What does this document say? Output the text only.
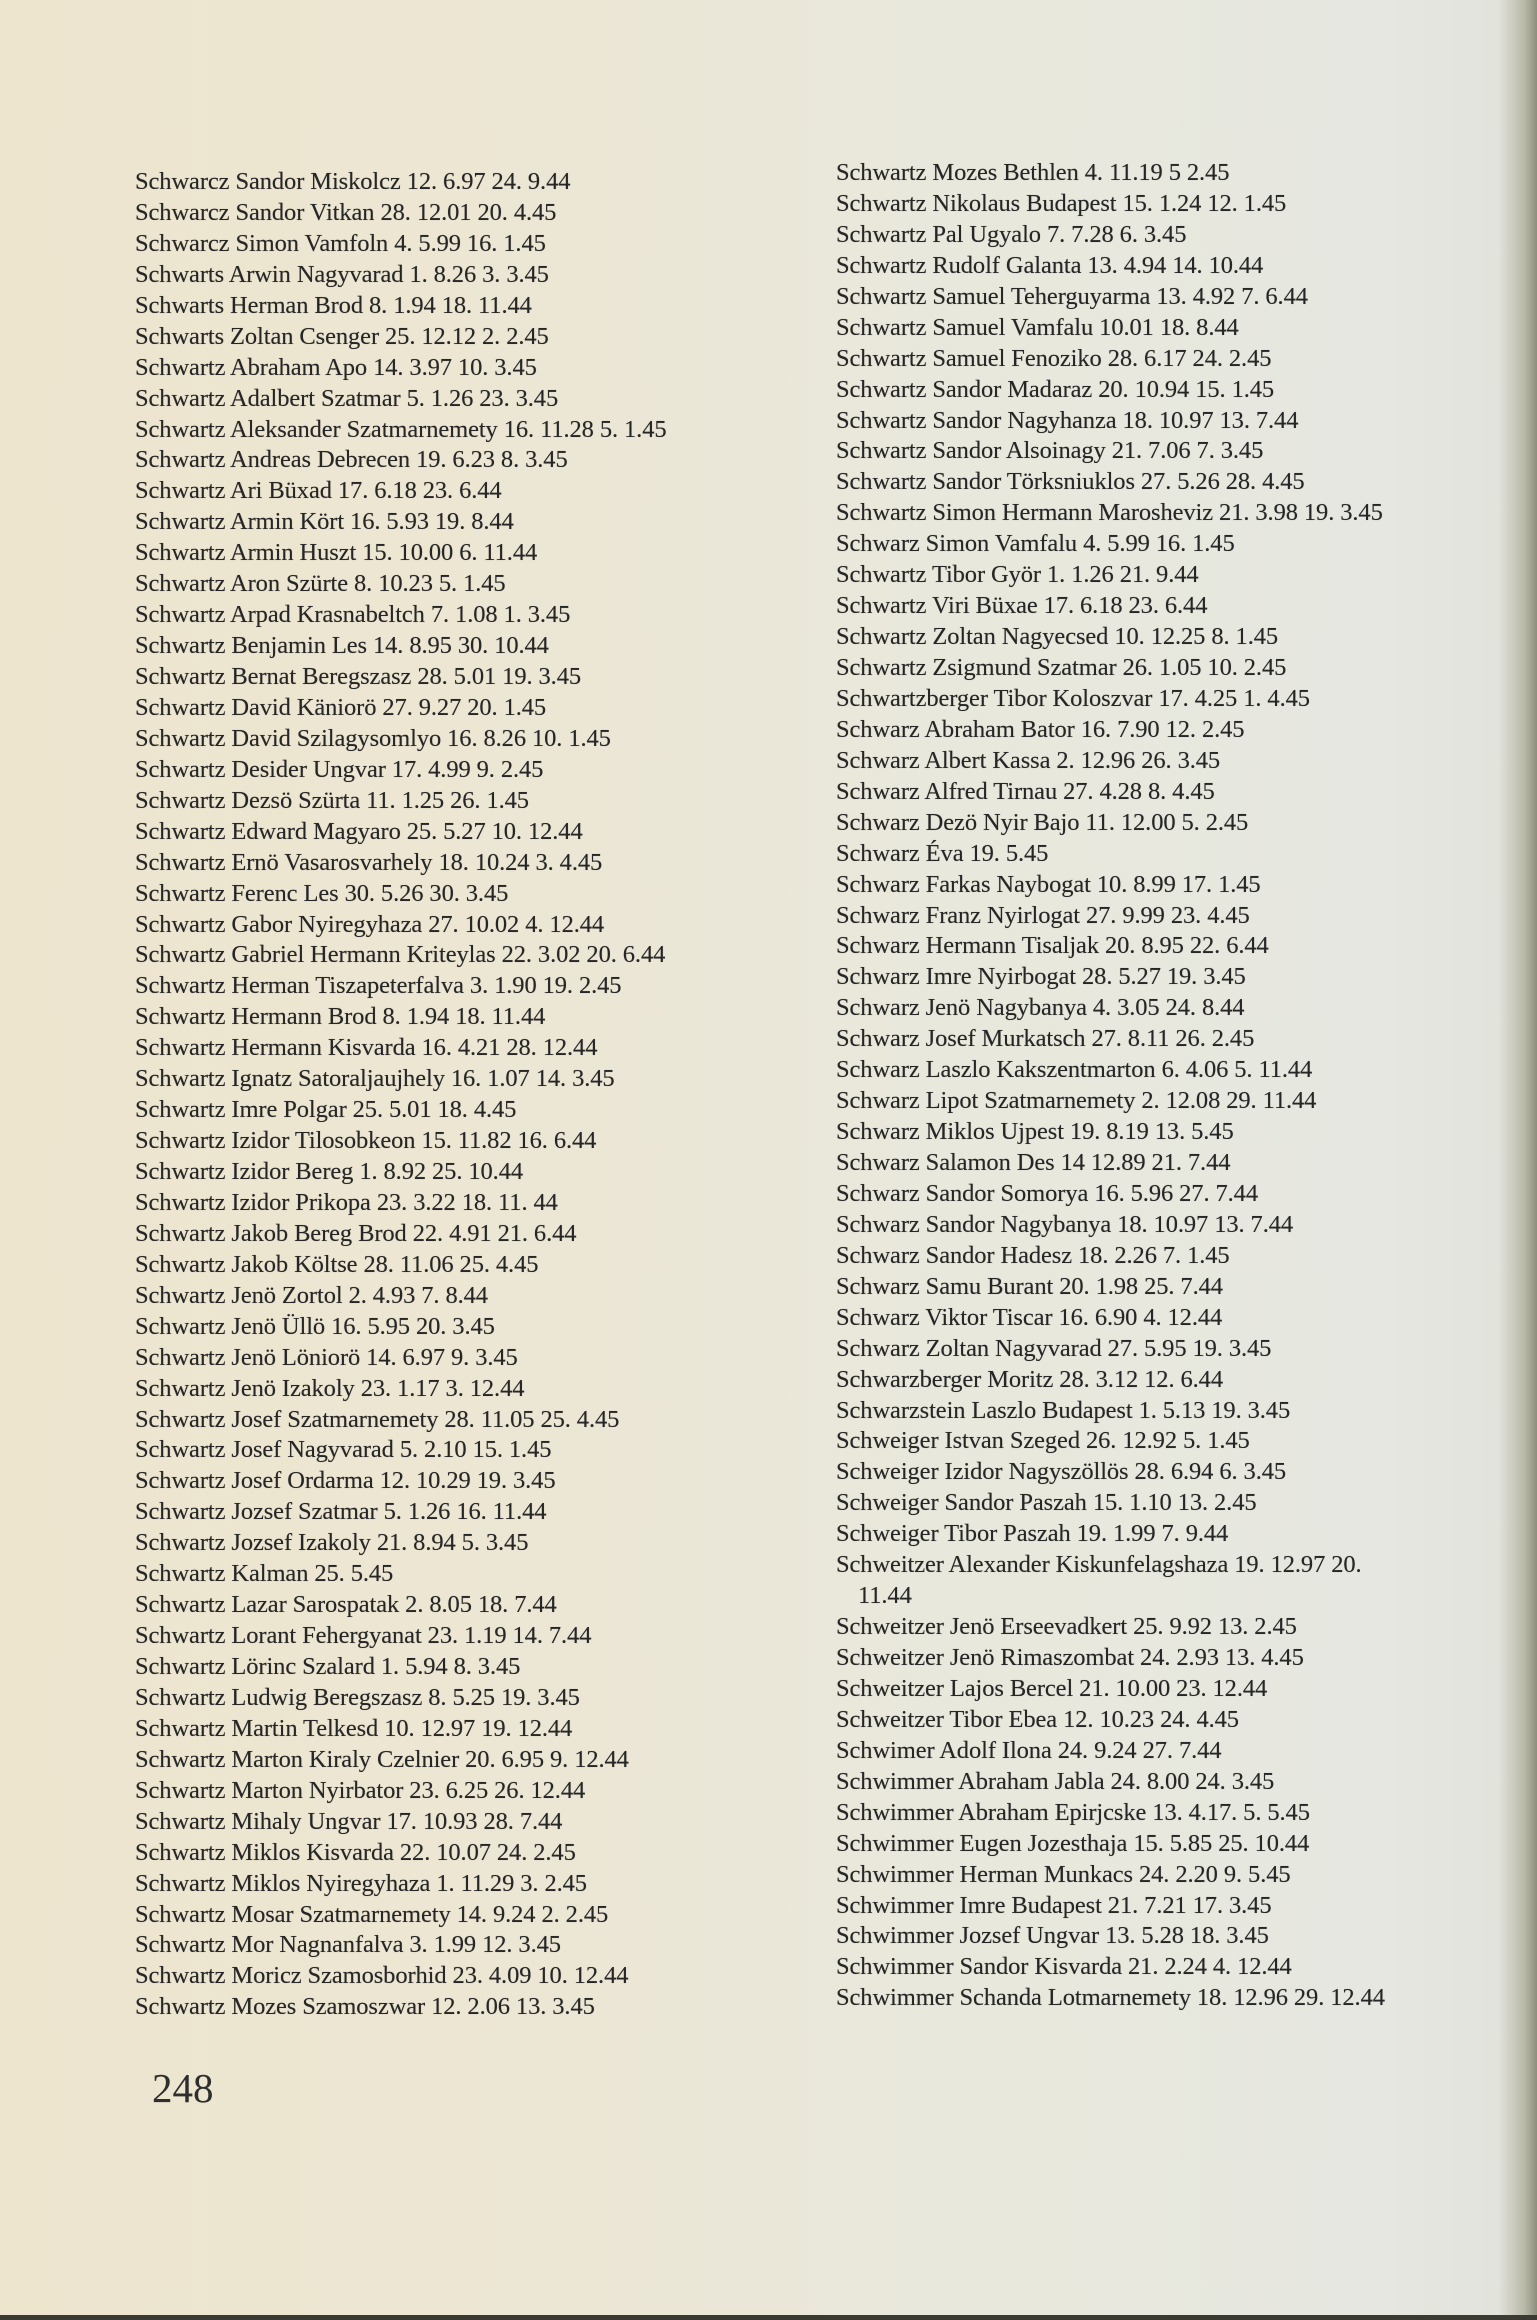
Schwarcz Sandor Miskolcz 12. 6.97 24. 9.44
Schwarcz Sandor Vitkan 28. 12.01 20. 4.45
Schwarcz Simon Vamfoln 4. 5.99 16. 1.45
Schwarts Arwin Nagyvarad 1. 8.26 3. 3.45
Schwarts Herman Brod 8. 1.94 18. 11.44
Schwarts Zoltan Csenger 25. 12.12 2. 2.45
Schwartz Abraham Apo 14. 3.97 10. 3.45
Schwartz Adalbert Szatmar 5. 1.26 23. 3.45
Schwartz Aleksander Szatmarnemety 16. 11.28 5. 1.45
Schwartz Andreas Debrecen 19. 6.23 8. 3.45
Schwartz Ari Büxad 17. 6.18 23. 6.44
Schwartz Armin Kört 16. 5.93 19. 8.44
Schwartz Armin Huszt 15. 10.00 6. 11.44
Schwartz Aron Szürte 8. 10.23 5. 1.45
Schwartz Arpad Krasnabeltch 7. 1.08 1. 3.45
Schwartz Benjamin Les 14. 8.95 30. 10.44
Schwartz Bernat Beregszasz 28. 5.01 19. 3.45
Schwartz David Käniorö 27. 9.27 20. 1.45
Schwartz David Szilagysomlyo 16. 8.26 10. 1.45
Schwartz Desider Ungvar 17. 4.99 9. 2.45
Schwartz Dezsö Szürta 11. 1.25 26. 1.45
Schwartz Edward Magyaro 25. 5.27 10. 12.44
Schwartz Ernö Vasarosvarhely 18. 10.24 3. 4.45
Schwartz Ferenc Les 30. 5.26 30. 3.45
Schwartz Gabor Nyiregyhaza 27. 10.02 4. 12.44
Schwartz Gabriel Hermann Kriteylas 22. 3.02 20. 6.44
Schwartz Herman Tiszapeterfalva 3. 1.90 19. 2.45
Schwartz Hermann Brod 8. 1.94 18. 11.44
Schwartz Hermann Kisvarda 16. 4.21 28. 12.44
Schwartz Ignatz Satoraljaujhely 16. 1.07 14. 3.45
Schwartz Imre Polgar 25. 5.01 18. 4.45
Schwartz Izidor Tilosobkeon 15. 11.82 16. 6.44
Schwartz Izidor Bereg 1. 8.92 25. 10.44
Schwartz Izidor Prikopa 23. 3.22 18. 11. 44
Schwartz Jakob Bereg Brod 22. 4.91 21. 6.44
Schwartz Jakob Költse 28. 11.06 25. 4.45
Schwartz Jenö Zortol 2. 4.93 7. 8.44
Schwartz Jenö Üllö 16. 5.95 20. 3.45
Schwartz Jenö Löniorö 14. 6.97 9. 3.45
Schwartz Jenö Izakoly 23. 1.17 3. 12.44
Schwartz Josef Szatmarnemety 28. 11.05 25. 4.45
Schwartz Josef Nagyvarad 5. 2.10 15. 1.45
Schwartz Josef Ordarma 12. 10.29 19. 3.45
Schwartz Jozsef Szatmar 5. 1.26 16. 11.44
Schwartz Jozsef Izakoly 21. 8.94 5. 3.45
Schwartz Kalman 25. 5.45
Schwartz Lazar Sarospatak 2. 8.05 18. 7.44
Schwartz Lorant Fehergyanat 23. 1.19 14. 7.44
Schwartz Lörinc Szalard 1. 5.94 8. 3.45
Schwartz Ludwig Beregszasz 8. 5.25 19. 3.45
Schwartz Martin Telkesd 10. 12.97 19. 12.44
Schwartz Marton Kiraly Czelnier 20. 6.95 9. 12.44
Schwartz Marton Nyirbator 23. 6.25 26. 12.44
Schwartz Mihaly Ungvar 17. 10.93 28. 7.44
Schwartz Miklos Kisvarda 22. 10.07 24. 2.45
Schwartz Miklos Nyiregyhaza 1. 11.29 3. 2.45
Schwartz Mosar Szatmarnemety 14. 9.24 2. 2.45
Schwartz Mor Nagnanfalva 3. 1.99 12. 3.45
Schwartz Moricz Szamosborhid 23. 4.09 10. 12.44
Schwartz Mozes Szamoszwar 12. 2.06 13. 3.45
Schwartz Mozes Bethlen 4. 11.19 5 2.45
Schwartz Nikolaus Budapest 15. 1.24 12. 1.45
Schwartz Pal Ugyalo 7. 7.28 6. 3.45
Schwartz Rudolf Galanta 13. 4.94 14. 10.44
Schwartz Samuel Teherguyarma 13. 4.92 7. 6.44
Schwartz Samuel Vamfalu 10.01 18. 8.44
Schwartz Samuel Fenoziko 28. 6.17 24. 2.45
Schwartz Sandor Madaraz 20. 10.94 15. 1.45
Schwartz Sandor Nagyhanza 18. 10.97 13. 7.44
Schwartz Sandor Alsoinagy 21. 7.06 7. 3.45
Schwartz Sandor Törksniuklos 27. 5.26 28. 4.45
Schwartz Simon Hermann Marosheviz 21. 3.98 19. 3.45
Schwarz Simon Vamfalu 4. 5.99 16. 1.45
Schwartz Tibor Györ 1. 1.26 21. 9.44
Schwartz Viri Büxae 17. 6.18 23. 6.44
Schwartz Zoltan Nagyecsed 10. 12.25 8. 1.45
Schwartz Zsigmund Szatmar 26. 1.05 10. 2.45
Schwartzberger Tibor Koloszvar 17. 4.25 1. 4.45
Schwarz Abraham Bator 16. 7.90 12. 2.45
Schwarz Albert Kassa 2. 12.96 26. 3.45
Schwarz Alfred Tirnau 27. 4.28 8. 4.45
Schwarz Dezö Nyir Bajo 11. 12.00 5. 2.45
Schwarz Éva 19. 5.45
Schwarz Farkas Naybogat 10. 8.99 17. 1.45
Schwarz Franz Nyirlogat 27. 9.99 23. 4.45
Schwarz Hermann Tisaljak 20. 8.95 22. 6.44
Schwarz Imre Nyirbogat 28. 5.27 19. 3.45
Schwarz Jenö Nagybanya 4. 3.05 24. 8.44
Schwarz Josef Murkatsch 27. 8.11 26. 2.45
Schwarz Laszlo Kakszentmarton 6. 4.06 5. 11.44
Schwarz Lipot Szatmarnemety 2. 12.08 29. 11.44
Schwarz Miklos Ujpest 19. 8.19 13. 5.45
Schwarz Salamon Des 14 12.89 21. 7.44
Schwarz Sandor Somorya 16. 5.96 27. 7.44
Schwarz Sandor Nagybanya 18. 10.97 13. 7.44
Schwarz Sandor Hadesz 18. 2.26 7. 1.45
Schwarz Samu Burant 20. 1.98 25. 7.44
Schwarz Viktor Tiscar 16. 6.90 4. 12.44
Schwarz Zoltan Nagyvarad 27. 5.95 19. 3.45
Schwarzberger Moritz 28. 3.12 12. 6.44
Schwarzstein Laszlo Budapest 1. 5.13 19. 3.45
Schweiger Istvan Szeged 26. 12.92 5. 1.45
Schweiger Izidor Nagyszöllös 28. 6.94 6. 3.45
Schweiger Sandor Paszah 15. 1.10 13. 2.45
Schweiger Tibor Paszah 19. 1.99 7. 9.44
Schweitzer Alexander Kiskunfelagshaza 19. 12.97 20.
11.44
Schweitzer Jenö Erseevadkert 25. 9.92 13. 2.45
Schweitzer Jenö Rimaszombat 24. 2.93 13. 4.45
Schweitzer Lajos Bercel 21. 10.00 23. 12.44
Schweitzer Tibor Ebea 12. 10.23 24. 4.45
Schwimer Adolf Ilona 24. 9.24 27. 7.44
Schwimmer Abraham Jabla 24. 8.00 24. 3.45
Schwimmer Abraham Epirjcske 13. 4.17. 5. 5.45
Schwimmer Eugen Jozesthaja 15. 5.85 25. 10.44
Schwimmer Herman Munkacs 24. 2.20 9. 5.45
Schwimmer Imre Budapest 21. 7.21 17. 3.45
Schwimmer Jozsef Ungvar 13. 5.28 18. 3.45
Schwimmer Sandor Kisvarda 21. 2.24 4. 12.44
Schwimmer Schanda Lotmarnemety 18. 12.96 29. 12.44
248
